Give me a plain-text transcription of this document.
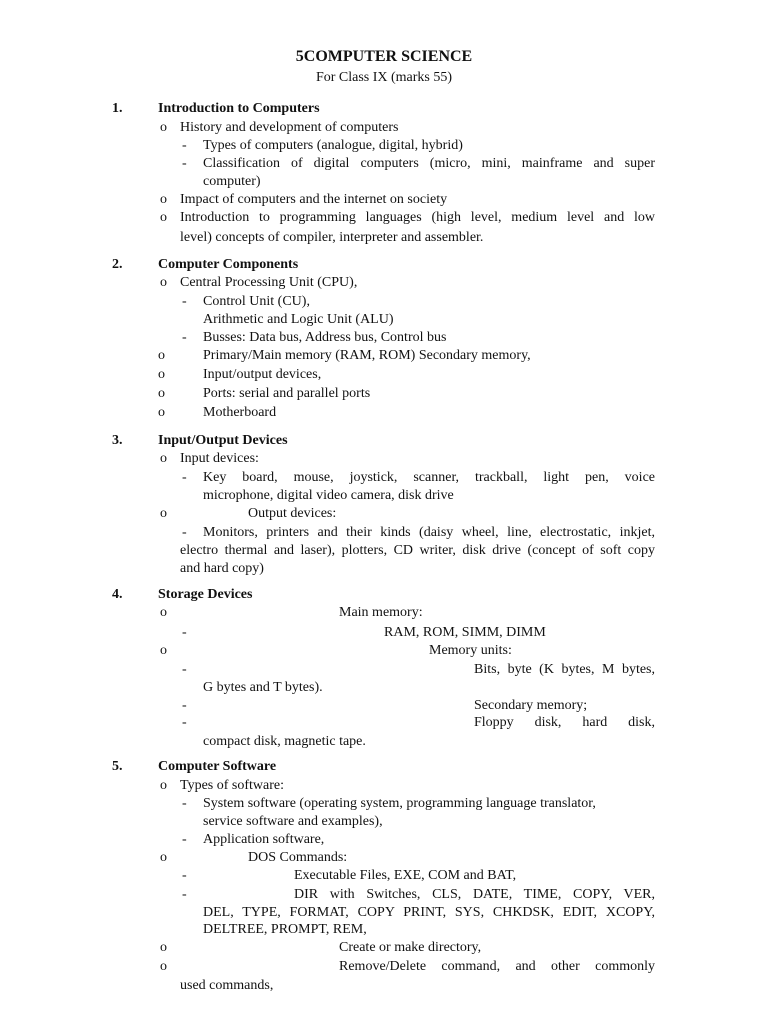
5COMPUTER SCIENCE
For Class IX (marks 55)
1.	Introduction to Computers
o History and development of computers
- Types of computers (analogue, digital, hybrid)
- Classification of digital computers (micro, mini, mainframe and super
computer)
o Impact of computers and the internet on society
o Introduction to programming languages (high level, medium level and low
level) concepts of compiler, interpreter and assembler.
2.	Computer Components
o Central Processing Unit (CPU),
- Control Unit (CU),
Arithmetic and Logic Unit (ALU)
- Busses: Data bus, Address bus, Control bus
o	Primary/Main memory (RAM, ROM) Secondary memory,
o	Input/output devices,
o	Ports: serial and parallel ports
o	Motherboard
3.	Input/Output Devices
o Input devices:
- Key board, mouse, joystick, scanner, trackball, light pen, voice
microphone, digital video camera, disk drive
o	Output devices:
- Monitors, printers and their kinds (daisy wheel, line, electrostatic, inkjet,
electro thermal and laser), plotters, CD writer, disk drive (concept of soft copy
and hard copy)
4.	Storage Devices
o	Main memory:
-	RAM, ROM, SIMM, DIMM
o	Memory units:
-	Bits, byte (K bytes, M bytes,
G bytes and T bytes).
-	Secondary memory;
-	Floppy disk, hard disk,
compact disk, magnetic tape.
5.	Computer Software
o Types of software:
- System software (operating system, programming language translator,
service software and examples),
- Application software,
o	DOS Commands:
-	Executable Files, EXE, COM and BAT,
-	DIR with Switches, CLS, DATE, TIME, COPY, VER,
DEL, TYPE, FORMAT, COPY PRINT, SYS, CHKDSK, EDIT, XCOPY,
DELTREE, PROMPT, REM,
o	Create or make directory,
o	Remove/Delete command, and other commonly
used commands,
